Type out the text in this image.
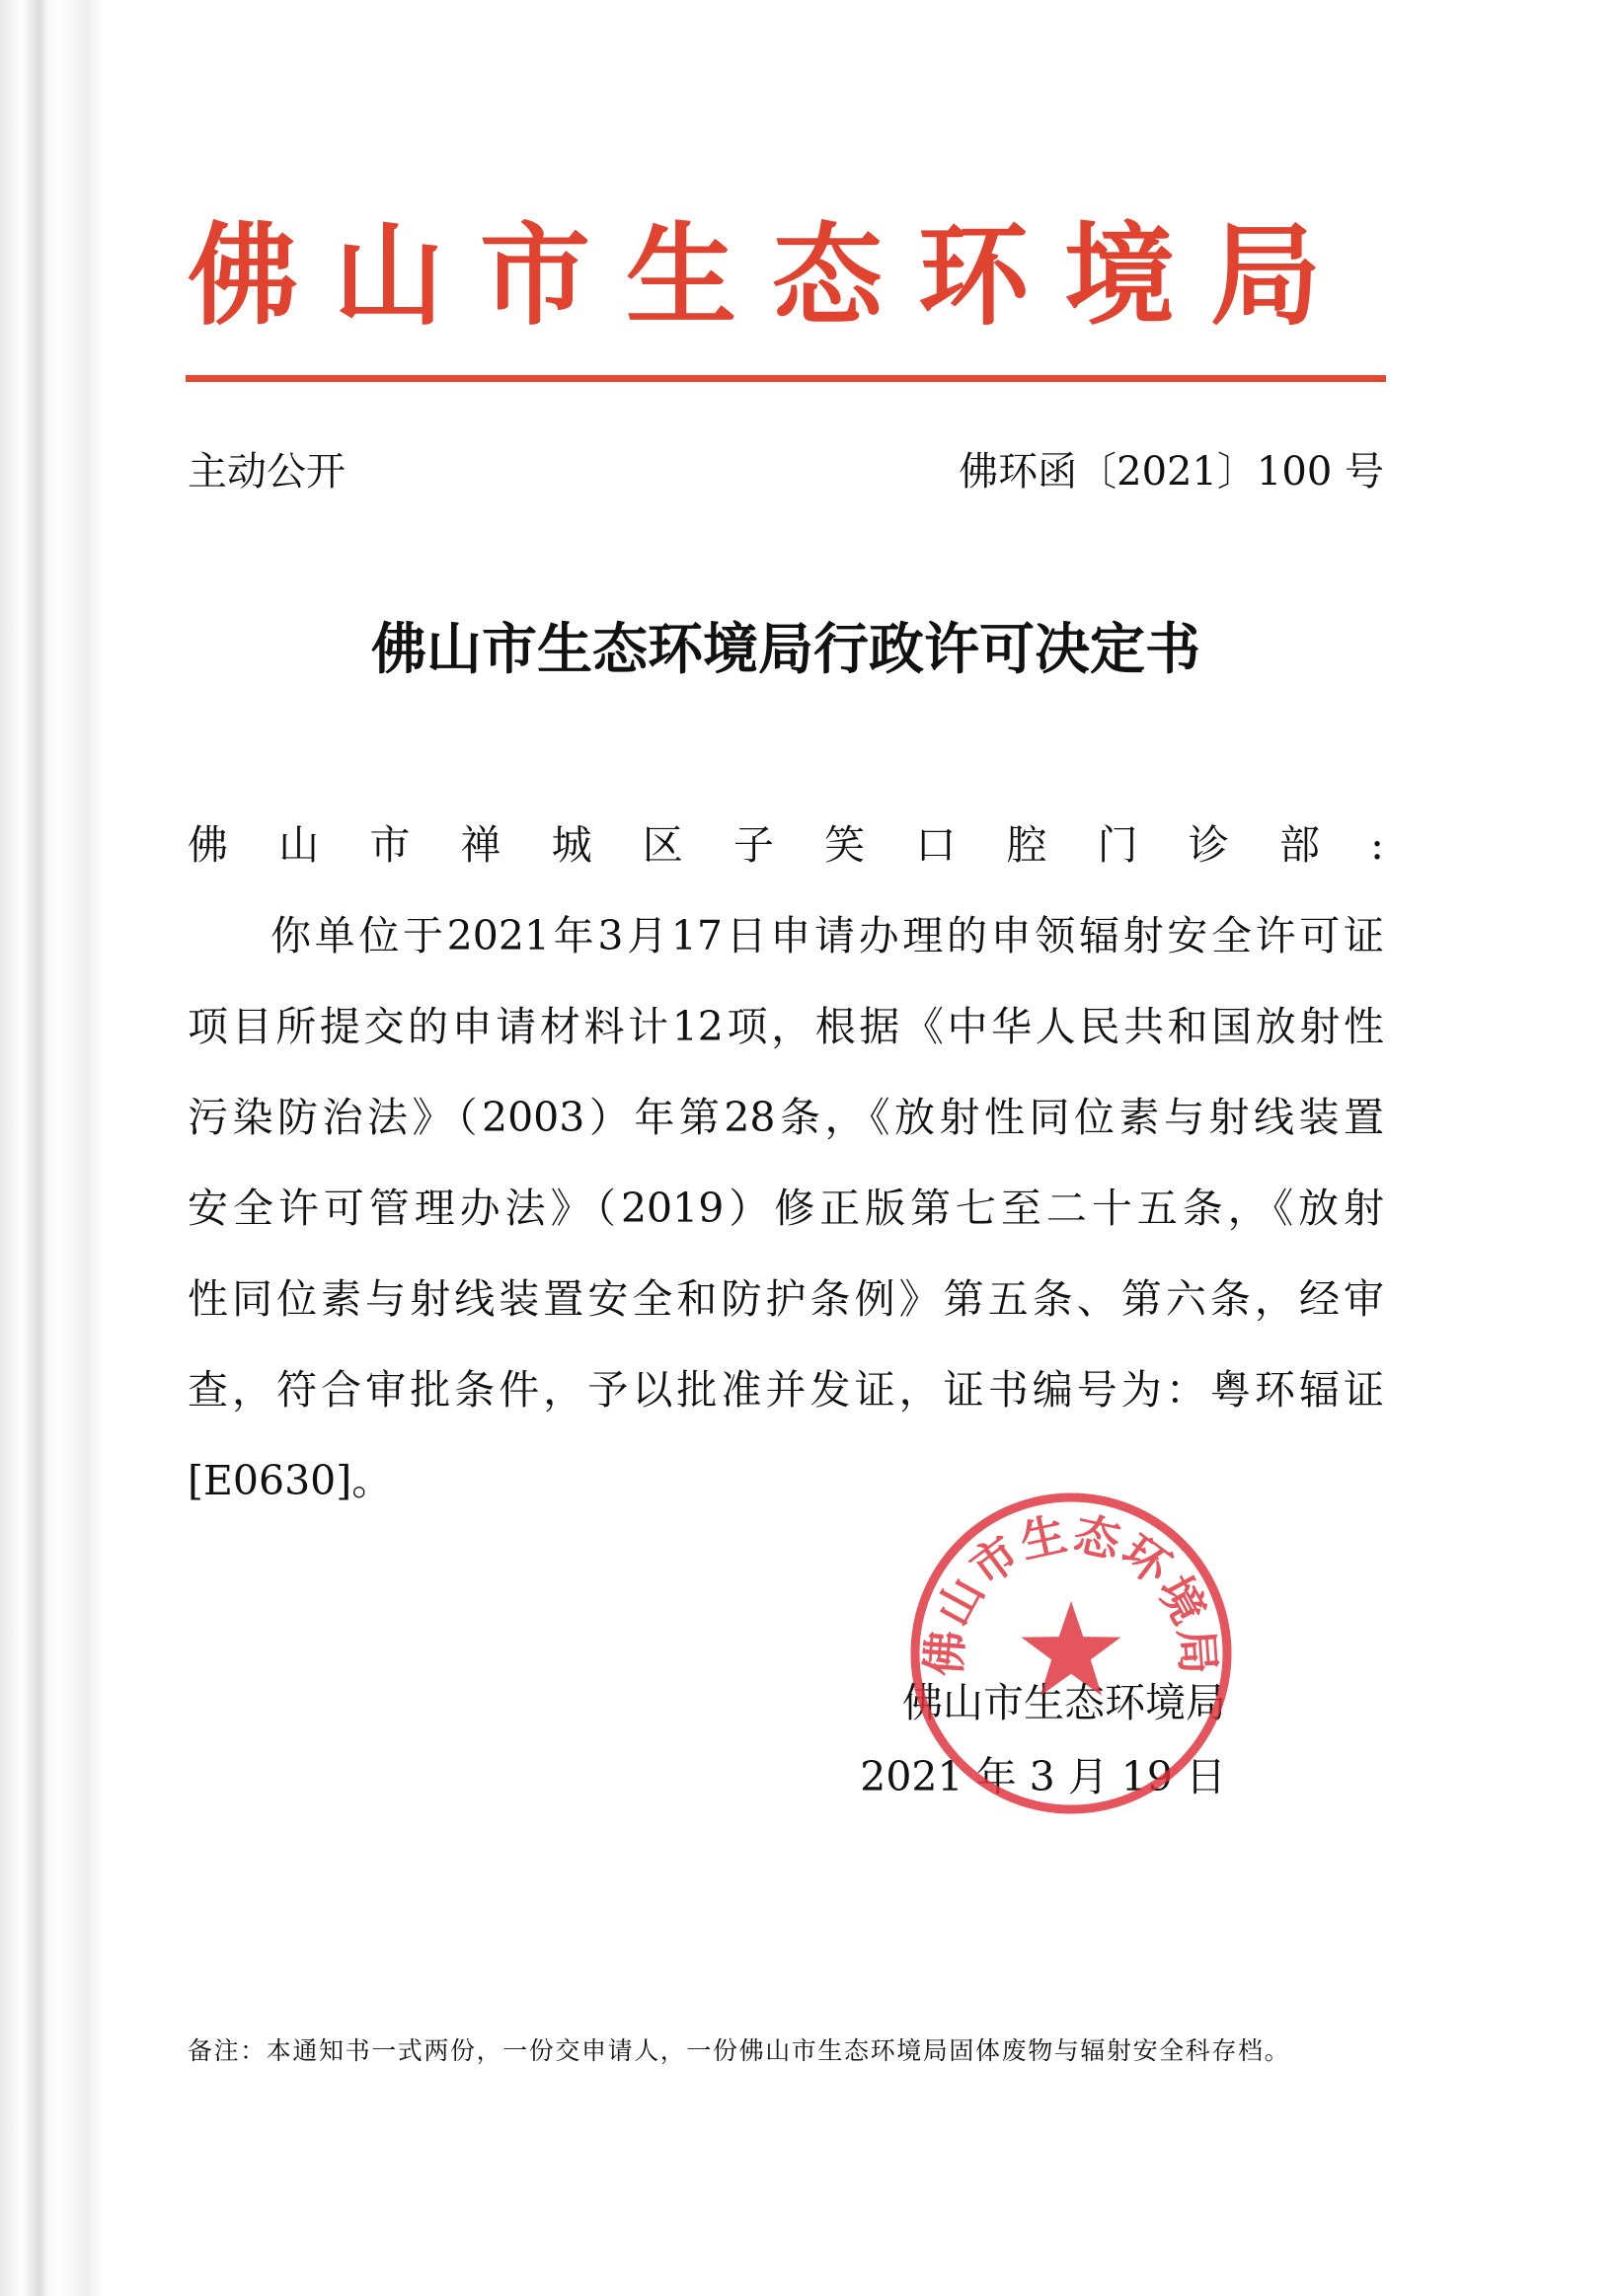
佛山市生态环境局
主动公开	佛环函〔2021〕100 号
佛山市生态环境局行政许可决定书

佛山市禅城区子笑口腔门诊部:
你单位于2021年3月17日申请办理的申领辐射安全许可证
项目所提交的申请材料计12项，根据《中华人民共和国放射性
污染防治法》（2003）年第28条，《放射性同位素与射线装置
安全许可管理办法》（2019）修正版第七至二十五条，《放射
性同位素与射线装置安全和防护条例》第五条、第六条，经审
查，符合审批条件，予以批准并发证，证书编号为：粤环辐证
[E0630]。

佛山市生态环境局
2021 年 3 月 19 日
佛山市生态环境局
备注：本通知书一式两份，一份交申请人，一份佛山市生态环境局固体废物与辐射安全科存档。
